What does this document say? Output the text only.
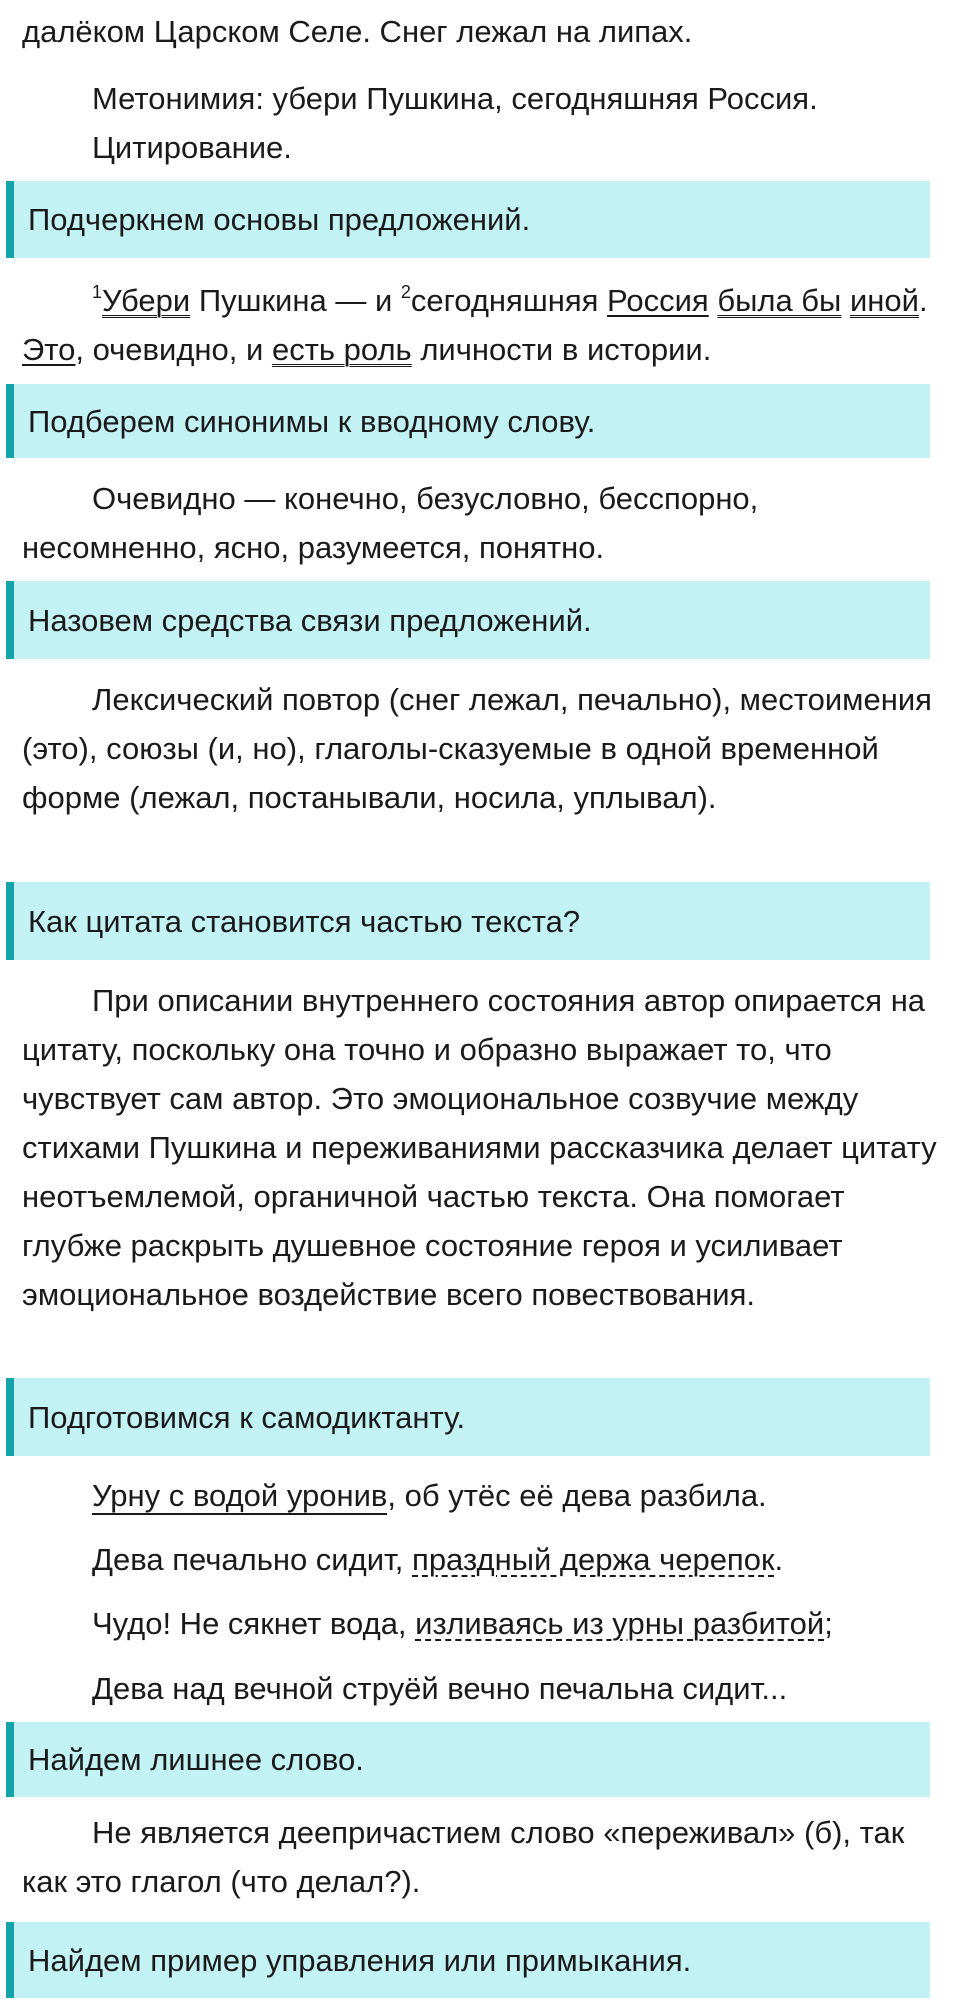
далёком Царском Селе. Снег лежал на липах.

Метонимия: убери Пушкина, сегодняшняя Россия.

Цитирование.

Подчеркнем основы предложений.

$^1$Убери Пушкина — и $^2$сегодняшняя Россия была бы иной. Это, очевидно, и есть роль личности в истории.

Подберем синонимы к вводному слову.

Очевидно — конечно, безусловно, бесспорно, несомненно, ясно, разумеется, понятно.

Назовем средства связи предложений.

Лексический повтор (снег лежал, печально), местоимения (это), союзы (и, но), глаголы-сказуемые в одной временной форме (лежал, постанывали, носила, уплывал).

Как цитата становится частью текста?

При описании внутреннего состояния автор опирается на цитату, поскольку она точно и образно выражает то, что чувствует сам автор. Это эмоциональное созвучие между стихами Пушкина и переживаниями рассказчика делает цитату неотъемлемой, органичной частью текста. Она помогает глубже раскрыть душевное состояние героя и усиливает эмоциональное воздействие всего повествования.

Подготовимся к самодиктанту.

Урну с водой уронив, об утёс её дева разбила.

Дева печально сидит, праздный держа черепок.

Чудо! Не сякнет вода, изливаясь из урны разбитой;

Дева над вечной струёй вечно печальна сидит...

Найдем лишнее слово.

Не является деепричастием слово «переживал» (б), так как это глагол (что делал?).

Найдем пример управления или примыкания.
